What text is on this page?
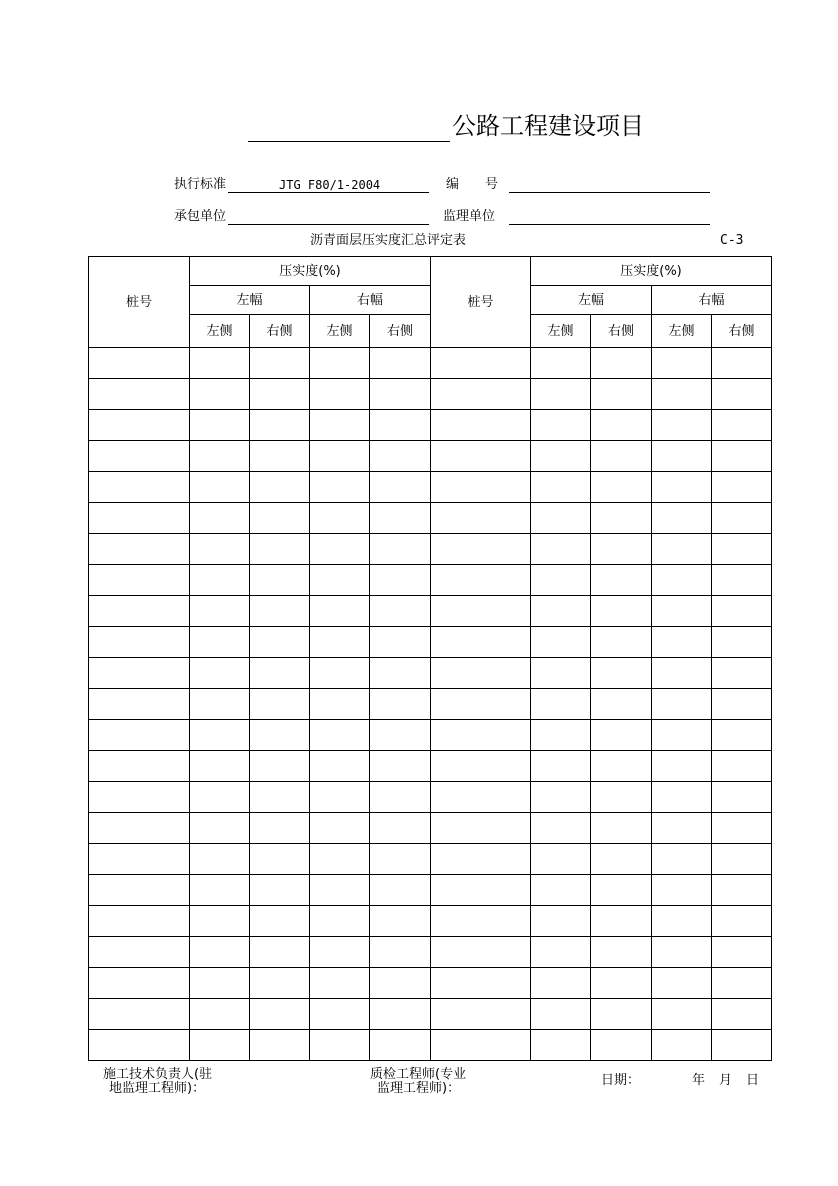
公路工程建设项目
执行标准	JTG F80/1-2004	编　　号
承包单位	监理单位
沥青面层压实度汇总评定表	C-3
桩号	压实度(%)				桩号	压实度(%)			
	左幅		右幅			左幅		右幅	
	左侧	右侧	左侧	右侧		左侧	右侧	左侧	右侧

施工技术负责人(驻
地监理工程师)：
质检工程师(专业
监理工程师)：
日期：	年 月 日
